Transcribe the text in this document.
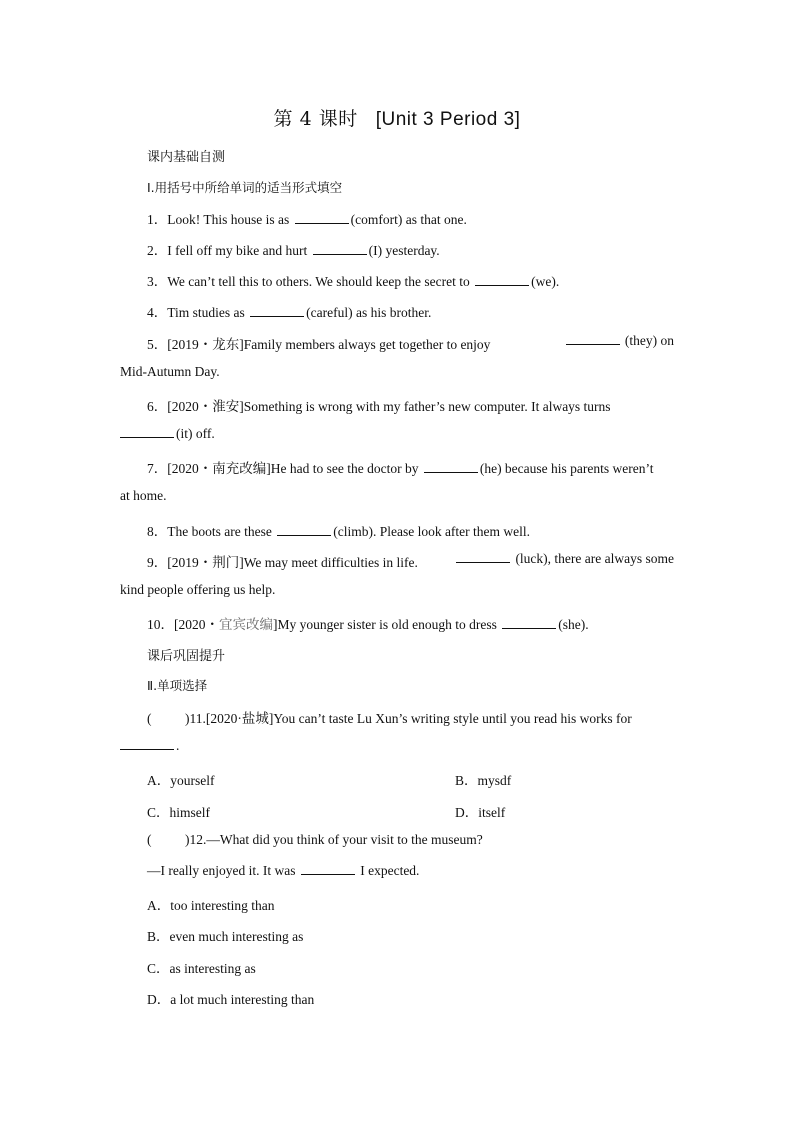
第 4 课时 [Unit 3 Period 3]
课内基础自测
Ⅰ.用括号中所给单词的适当形式填空
1．Look! This house is as	(comfort) as that one.
2．I fell off my bike and hurt	(I) yesterday.
3．We can’t tell this to others. We should keep the secret to	(we).
4．Tim studies as	(careful) as his brother.
5．[2019・龙东]Family members always get together to enjoy	(they) on
Mid-Autumn Day.
6．[2020・淮安]Something is wrong with my father’s new computer. It always turns
(it) off.
7．[2020・南充改编]He had to see the doctor by	(he) because his parents weren’t
at home.
8．The boots are these	(climb). Please look after them well.
9．[2019・荆门]We may meet difficulties in life.	(luck), there are always some
kind people offering us help.
10．[2020・宜宾改编]My younger sister is old enough to dress	(she).
课后巩固提升
Ⅱ.单项选择
( )11.[2020·盐城]You can’t taste Lu Xun’s writing style until you read his works for
.
A．yourself	B．mysdf
C．himself	D．itself
( )12.—What did you think of your visit to the museum?
—I really enjoyed it. It was	I expected.
A．too interesting than
B．even much interesting as
C．as interesting as
D．a lot much interesting than
